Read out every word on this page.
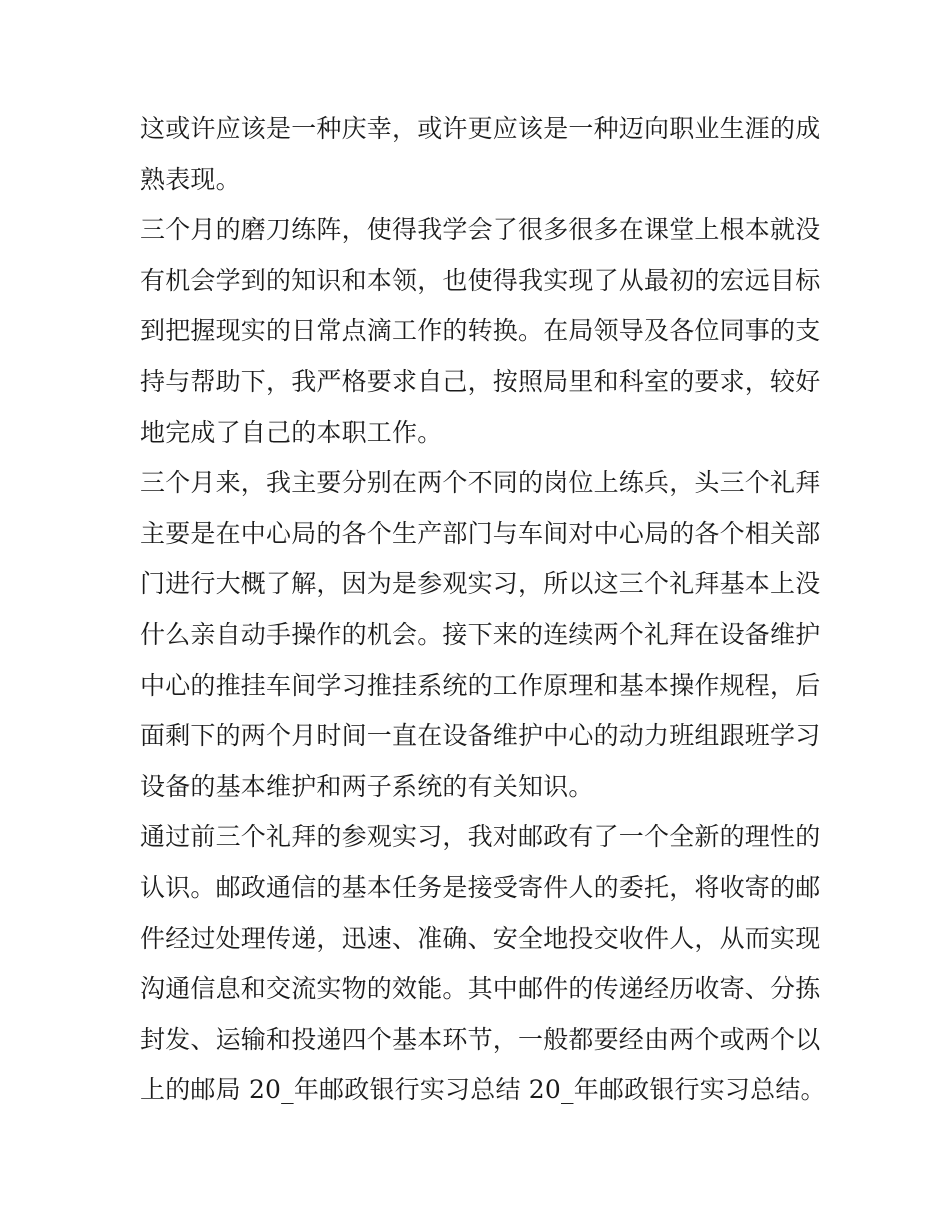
这或许应该是一种庆幸，或许更应该是一种迈向职业生涯的成
熟表现。

三个月的磨刀练阵，使得我学会了很多很多在课堂上根本就没
有机会学到的知识和本领，也使得我实现了从最初的宏远目标
到把握现实的日常点滴工作的转换。在局领导及各位同事的支
持与帮助下，我严格要求自己，按照局里和科室的要求，较好
地完成了自己的本职工作。

三个月来，我主要分别在两个不同的岗位上练兵，头三个礼拜
主要是在中心局的各个生产部门与车间对中心局的各个相关部
门进行大概了解，因为是参观实习，所以这三个礼拜基本上没
什么亲自动手操作的机会。接下来的连续两个礼拜在设备维护
中心的推挂车间学习推挂系统的工作原理和基本操作规程，后
面剩下的两个月时间一直在设备维护中心的动力班组跟班学习
设备的基本维护和两子系统的有关知识。

通过前三个礼拜的参观实习，我对邮政有了一个全新的理性的
认识。邮政通信的基本任务是接受寄件人的委托，将收寄的邮
件经过处理传递，迅速、准确、安全地投交收件人，从而实现
沟通信息和交流实物的效能。其中邮件的传递经历收寄、分拣
封发、运输和投递四个基本环节，一般都要经由两个或两个以
上的邮局 20_年邮政银行实习总结 20_年邮政银行实习总结。
